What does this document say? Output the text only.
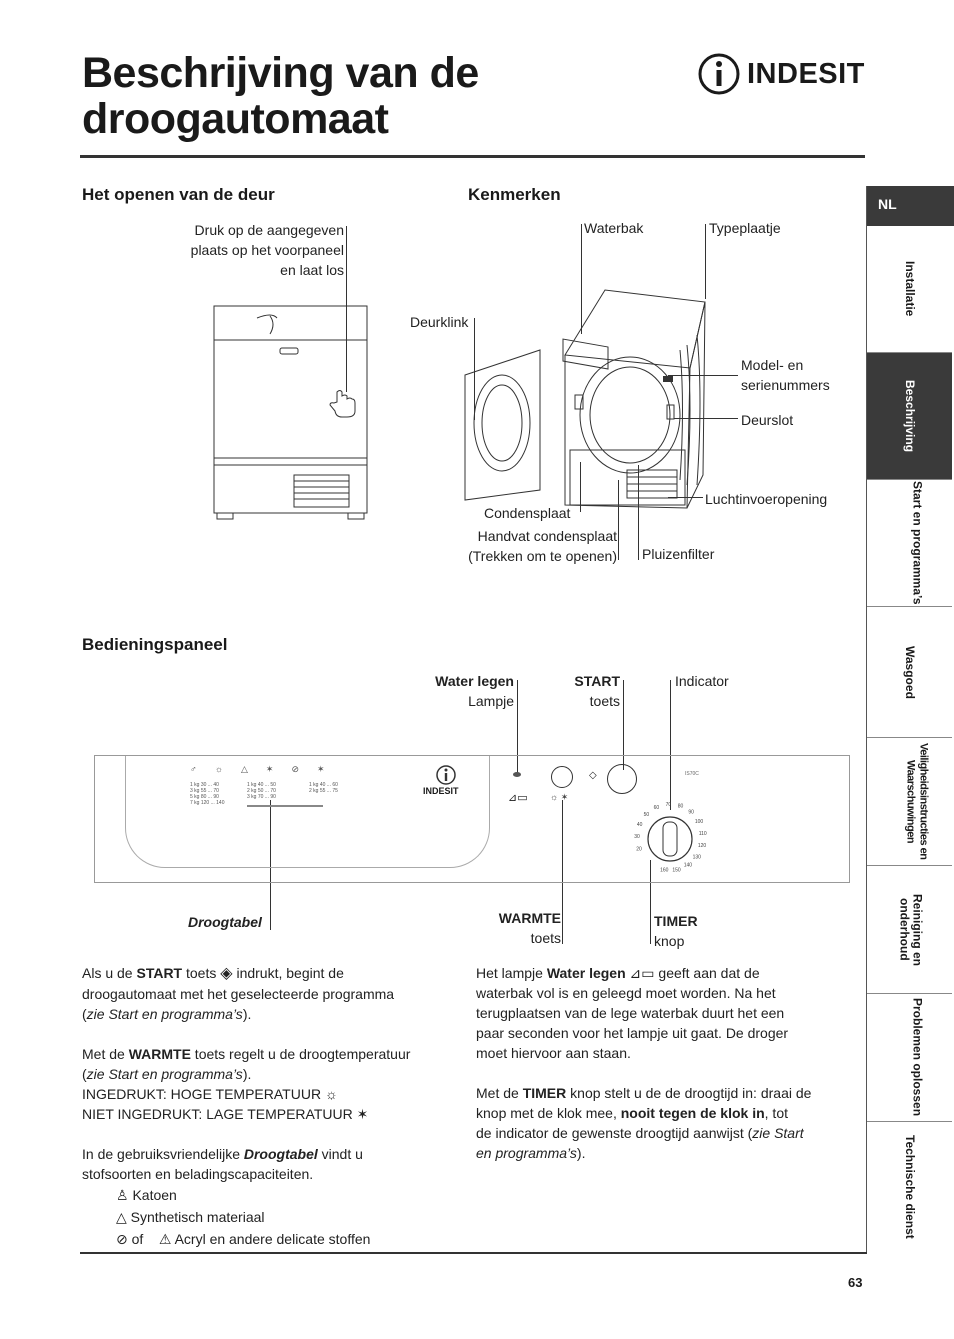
Beschrijving van de
droogautomaat
INDESIT
NL
Installatie
Beschrijving
Start en programma’s
Wasgoed
Veiligheidsinstructies en Waarschuwingen
Reiniging en onderhoud
Problemen oplossen
Technische dienst
Het openen van de deur	Kenmerken
Bedieningspaneel
Druk op de aangegeven
plaats op het voorpaneel
en laat los
Waterbak	Typeplaatje
Deurklink
Model- en
serienummers
Deurslot
Luchtinvoeropening
Condensplaat
Handvat condensplaat
(Trekken om te openen) Pluizenfilter
Water legen
Lampje
START
toets
Indicator
Droogtabel	WARMTE
toets
TIMER
knop
1 kg 30 ... 40
3 kg 55 ... 70
5 kg 80 ... 90
7 kg 120 ... 140
1 kg 40 ... 50
2 kg 50 ... 70
3 kg 70 ... 90
1 kg 40 ... 60
2 kg 55 ... 75
♂☼△✶⊘✶
INDESIT
⊿▭ ☼ ✶
◇	IS70C
20
30
40
50
60 70 80
90
100
110
120
130
140
150
160

Als u de START toets ◈ indrukt, begint de
droogautomaat met het geselecteerde programma
(zie Start en programma’s).

Met de WARMTE toets regelt u de droogtemperatuur
(zie Start en programma’s).
INGEDRUKT: HOGE TEMPERATUUR ☼
NIET INGEDRUKT: LAGE TEMPERATUUR ✶

In de gebruiksvriendelijke Droogtabel vindt u
stofsoorten en beladingscapaciteiten.

♙ Katoen
△ Synthetisch materiaal
⊘ of ⚠ Acryl en andere delicate stoffen

Het lampje Water legen ⊿▭ geeft aan dat de
waterbak vol is en geleegd moet worden. Na het
terugplaatsen van de lege waterbak duurt het een
paar seconden voor het lampje uit gaat. De droger
moet hiervoor aan staan.

Met de TIMER knop stelt u de de droogtijd in: draai de
knop met de klok mee, nooit tegen de klok in, tot
de indicator de gewenste droogtijd aanwijst (zie Start
en programma’s).

63
